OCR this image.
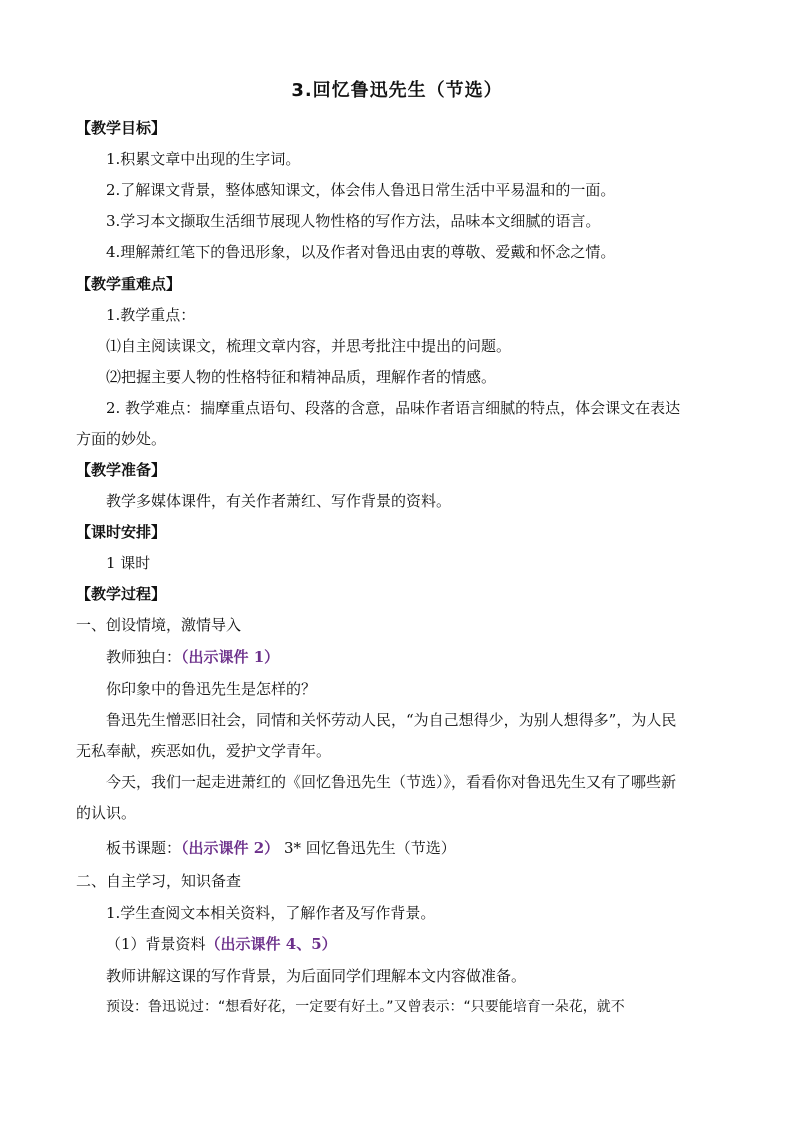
3.回忆鲁迅先生（节选）
【教学目标】
1.积累文章中出现的生字词。
2.了解课文背景，整体感知课文，体会伟人鲁迅日常生活中平易温和的一面。
3.学习本文撷取生活细节展现人物性格的写作方法，品味本文细腻的语言。
4.理解萧红笔下的鲁迅形象，以及作者对鲁迅由衷的尊敬、爱戴和怀念之情。
【教学重难点】
1.教学重点：
⑴自主阅读课文，梳理文章内容，并思考批注中提出的问题。
⑵把握主要人物的性格特征和精神品质，理解作者的情感。
2. 教学难点：揣摩重点语句、段落的含意，品味作者语言细腻的特点，体会课文在表达
方面的妙处。
【教学准备】
教学多媒体课件，有关作者萧红、写作背景的资料。
【课时安排】
1 课时
【教学过程】
一、创设情境，激情导入
教师独白：（出示课件 1）
你印象中的鲁迅先生是怎样的？
鲁迅先生憎恶旧社会，同情和关怀劳动人民，“为自己想得少，为别人想得多”，为人民
无私奉献，疾恶如仇，爱护文学青年。
今天，我们一起走进萧红的《回忆鲁迅先生（节选）》，看看你对鲁迅先生又有了哪些新
的认识。
板书课题：（出示课件 2） 3* 回忆鲁迅先生（节选）
二、自主学习，知识备查
1.学生查阅文本相关资料，了解作者及写作背景。
（1）背景资料（出示课件 4、5）
教师讲解这课的写作背景，为后面同学们理解本文内容做准备。
预设：鲁迅说过：“想看好花，一定要有好土。”又曾表示：“只要能培育一朵花，就不
